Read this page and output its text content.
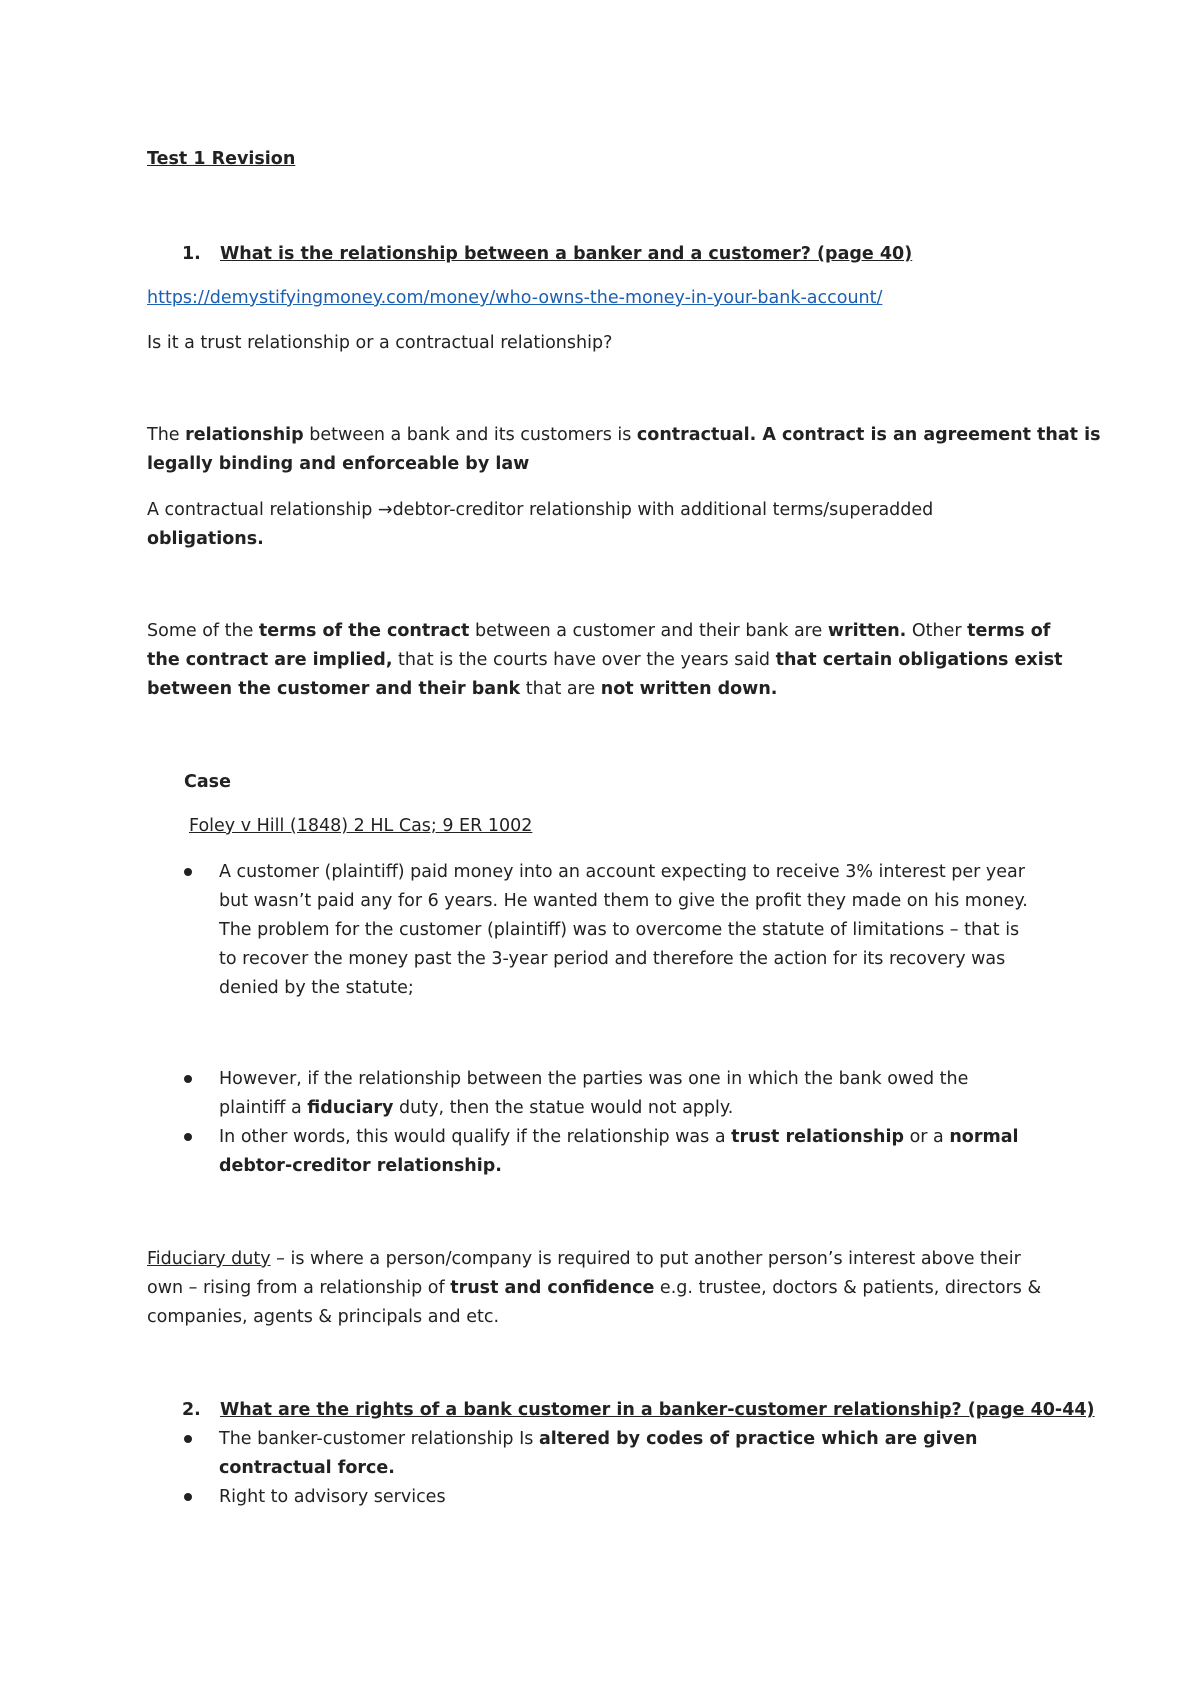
Test 1 Revision
1. What is the relationship between a banker and a customer? (page 40)
https://demystifyingmoney.com/money/who-owns-the-money-in-your-bank-account/
Is it a trust relationship or a contractual relationship?
The relationship between a bank and its customers is contractual. A contract is an agreement that is
legally binding and enforceable by law
A contractual relationship →debtor-creditor relationship with additional terms/superadded
obligations.
Some of the terms of the contract between a customer and their bank are written. Other terms of
the contract are implied, that is the courts have over the years said that certain obligations exist
between the customer and their bank that are not written down.
Case
Foley v Hill (1848) 2 HL Cas; 9 ER 1002
A customer (plaintiff) paid money into an account expecting to receive 3% interest per year
but wasn’t paid any for 6 years. He wanted them to give the profit they made on his money.
The problem for the customer (plaintiff) was to overcome the statute of limitations – that is
to recover the money past the 3-year period and therefore the action for its recovery was
denied by the statute;
However, if the relationship between the parties was one in which the bank owed the
plaintiff a fiduciary duty, then the statue would not apply.
In other words, this would qualify if the relationship was a trust relationship or a normal
debtor-creditor relationship.
Fiduciary duty – is where a person/company is required to put another person’s interest above their
own – rising from a relationship of trust and confidence e.g. trustee, doctors & patients, directors &
companies, agents & principals and etc.
2. What are the rights of a bank customer in a banker-customer relationship? (page 40-44)
The banker-customer relationship Is altered by codes of practice which are given
contractual force.
Right to advisory services
